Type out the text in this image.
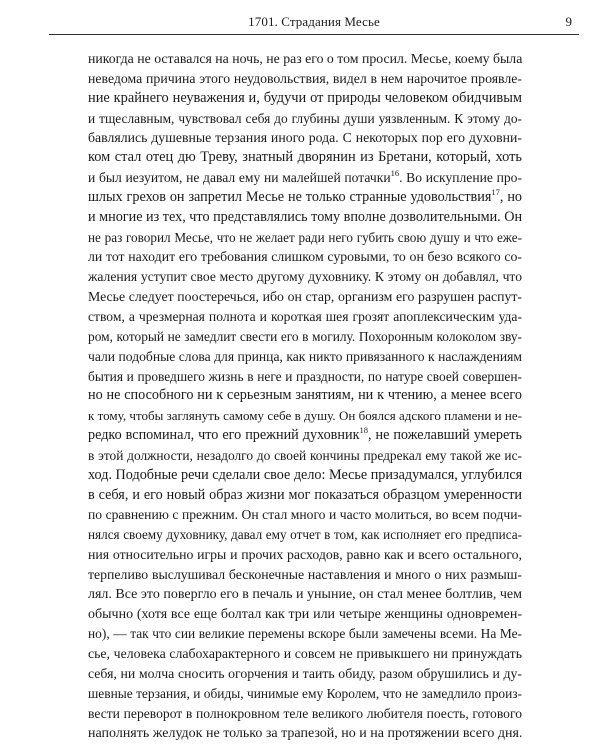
1701. Страдания Месье	9
никогда не оставался на ночь, не раз его о том просил. Месье, коему была
неведома причина этого неудовольствия, видел в нем нарочитое проявле-
ние крайнего неуважения и, будучи от природы человеком обидчивым
и тщеславным, чувствовал себя до глубины души уязвленным. К этому до-
бавлялись душевные терзания иного рода. С некоторых пор его духовни-
ком стал отец дю Треву, знатный дворянин из Бретани, который, хоть
и был иезуитом, не давал ему ни малейшей потачки$^{16}$. Во искупление про-
шлых грехов он запретил Месье не только странные удовольствия$^{17}$, но
и многие из тех, что представлялись тому вполне дозволительными. Он
не раз говорил Месье, что не желает ради него губить свою душу и что еже-
ли тот находит его требования слишком суровыми, то он безо всякого со-
жаления уступит свое место другому духовнику. К этому он добавлял, что
Месье следует поостеречься, ибо он стар, организм его разрушен распут-
ством, а чрезмерная полнота и короткая шея грозят апоплексическим уда-
ром, который не замедлит свести его в могилу. Похоронным колоколом зву-
чали подобные слова для принца, как никто привязанного к наслаждениям
бытия и проведшего жизнь в неге и праздности, по натуре своей совершен-
но не способного ни к серьезным занятиям, ни к чтению, а менее всего
к тому, чтобы заглянуть самому себе в душу. Он боялся адского пламени и не-
редко вспоминал, что его прежний духовник$^{18}$, не пожелавший умереть
в этой должности, незадолго до своей кончины предрекал ему такой же ис-
ход. Подобные речи сделали свое дело: Месье призадумался, углубился
в себя, и его новый образ жизни мог показаться образцом умеренности
по сравнению с прежним. Он стал много и часто молиться, во всем подчи-
нялся своему духовнику, давал ему отчет в том, как исполняет его предписа-
ния относительно игры и прочих расходов, равно как и всего остального,
терпеливо выслушивал бесконечные наставления и много о них размыш-
лял. Все это повергло его в печаль и уныние, он стал менее болтлив, чем
обычно (хотя все еще болтал как три или четыре женщины одновремен-
но), — так что сии великие перемены вскоре были замечены всеми. На Ме-
сье, человека слабохарактерного и совсем не привыкшего ни принуждать
себя, ни молча сносить огорчения и таить обиду, разом обрушились и ду-
шевные терзания, и обиды, чинимые ему Королем, что не замедлило произ-
вести переворот в полнокровном теле великого любителя поесть, готового
наполнять желудок не только за трапезой, но и на протяжении всего дня.
